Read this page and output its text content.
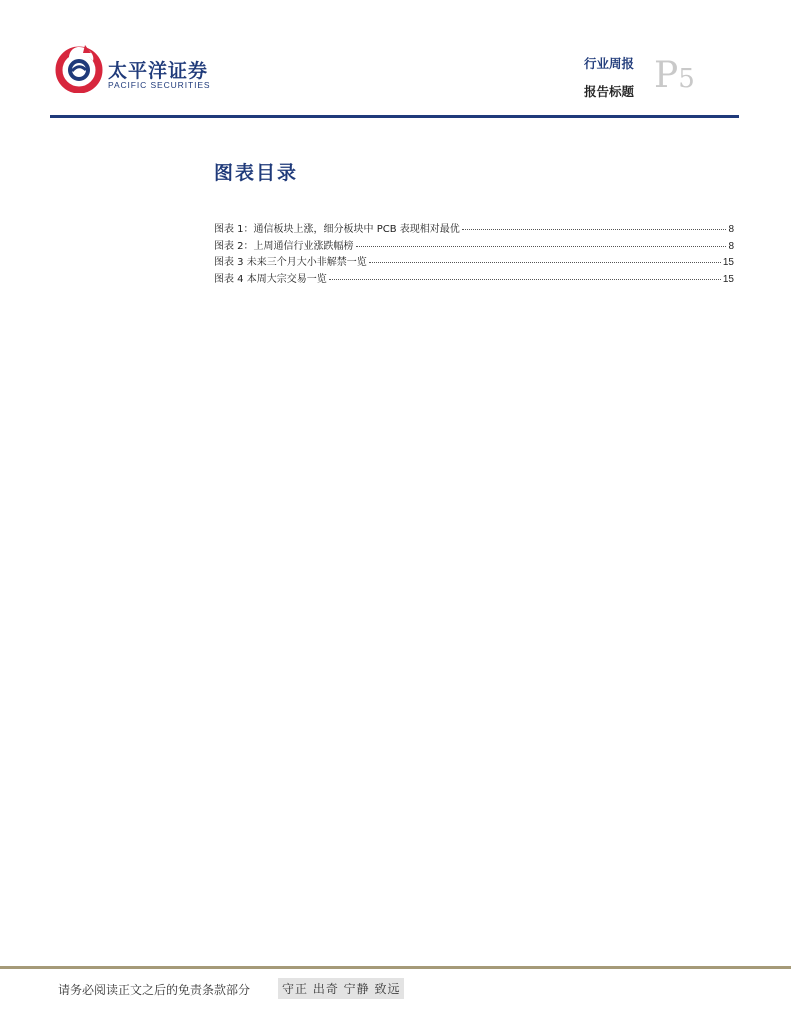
太平洋证券
PACIFIC SECURITIES
行业周报
报告标题 P5
图表目录
图表 1：通信板块上涨，细分板块中 PCB 表现相对最优	8
图表 2：上周通信行业涨跌幅榜	8
图表 3 未来三个月大小非解禁一览	15
图表 4 本周大宗交易一览	15
请务必阅读正文之后的免责条款部分	守正 出奇 宁静 致远
